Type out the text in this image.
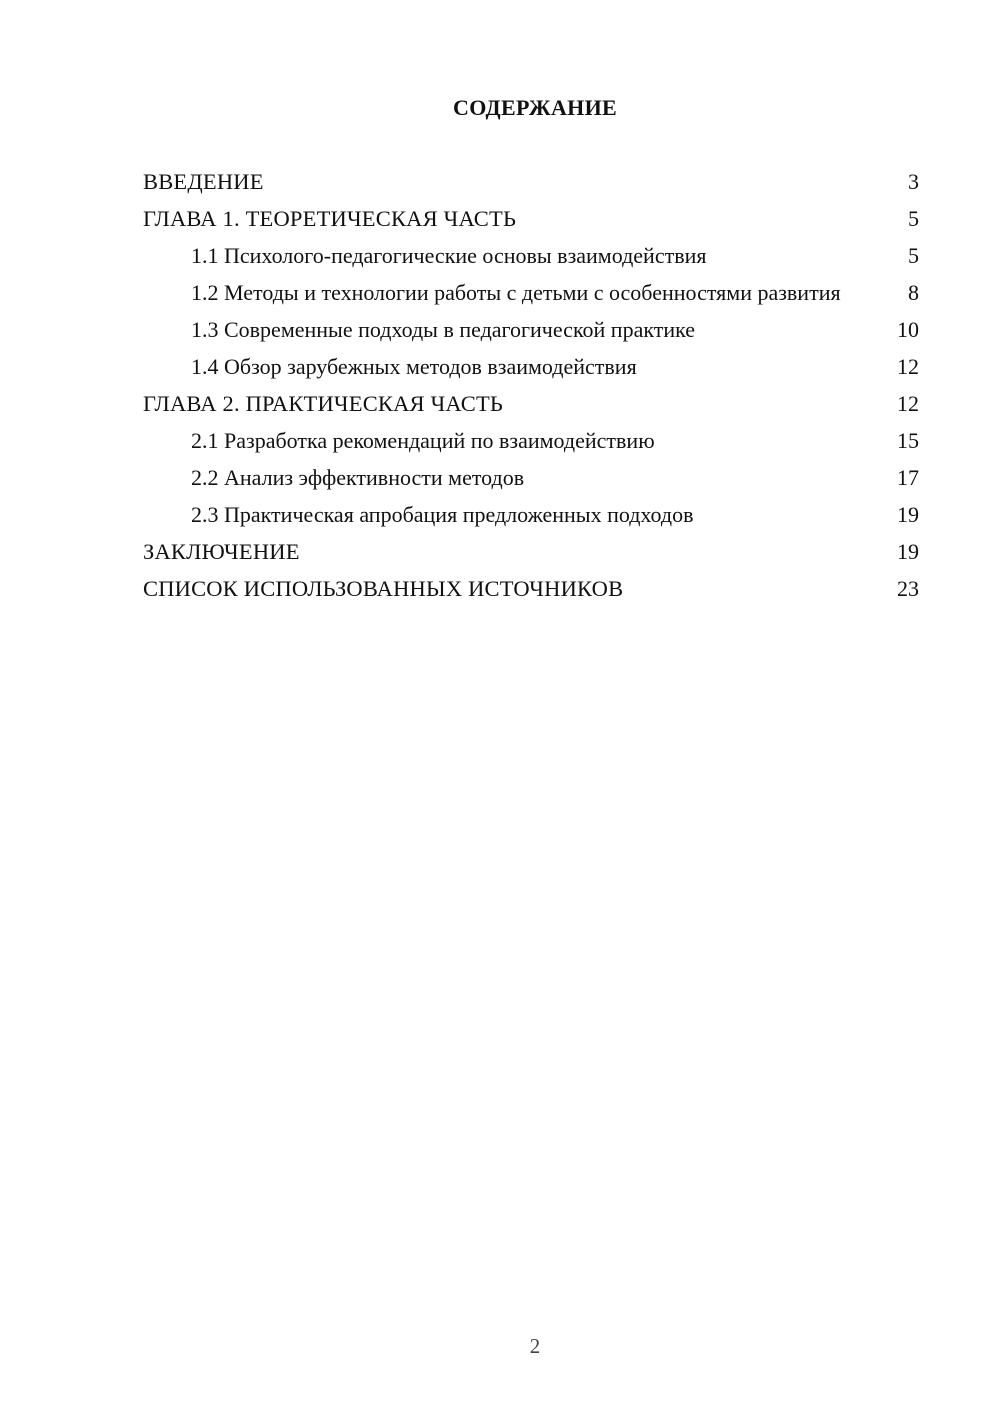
СОДЕРЖАНИЕ
ВВЕДЕНИЕ	3
ГЛАВА 1. ТЕОРЕТИЧЕСКАЯ ЧАСТЬ	5
1.1 Психолого-педагогические основы взаимодействия	5
1.2 Методы и технологии работы с детьми с особенностями развития	8
1.3 Современные подходы в педагогической практике	10
1.4 Обзор зарубежных методов взаимодействия	12
ГЛАВА 2. ПРАКТИЧЕСКАЯ ЧАСТЬ	12
2.1 Разработка рекомендаций по взаимодействию	15
2.2 Анализ эффективности методов	17
2.3 Практическая апробация предложенных подходов	19
ЗАКЛЮЧЕНИЕ	19
СПИСОК ИСПОЛЬЗОВАННЫХ ИСТОЧНИКОВ	23
2
